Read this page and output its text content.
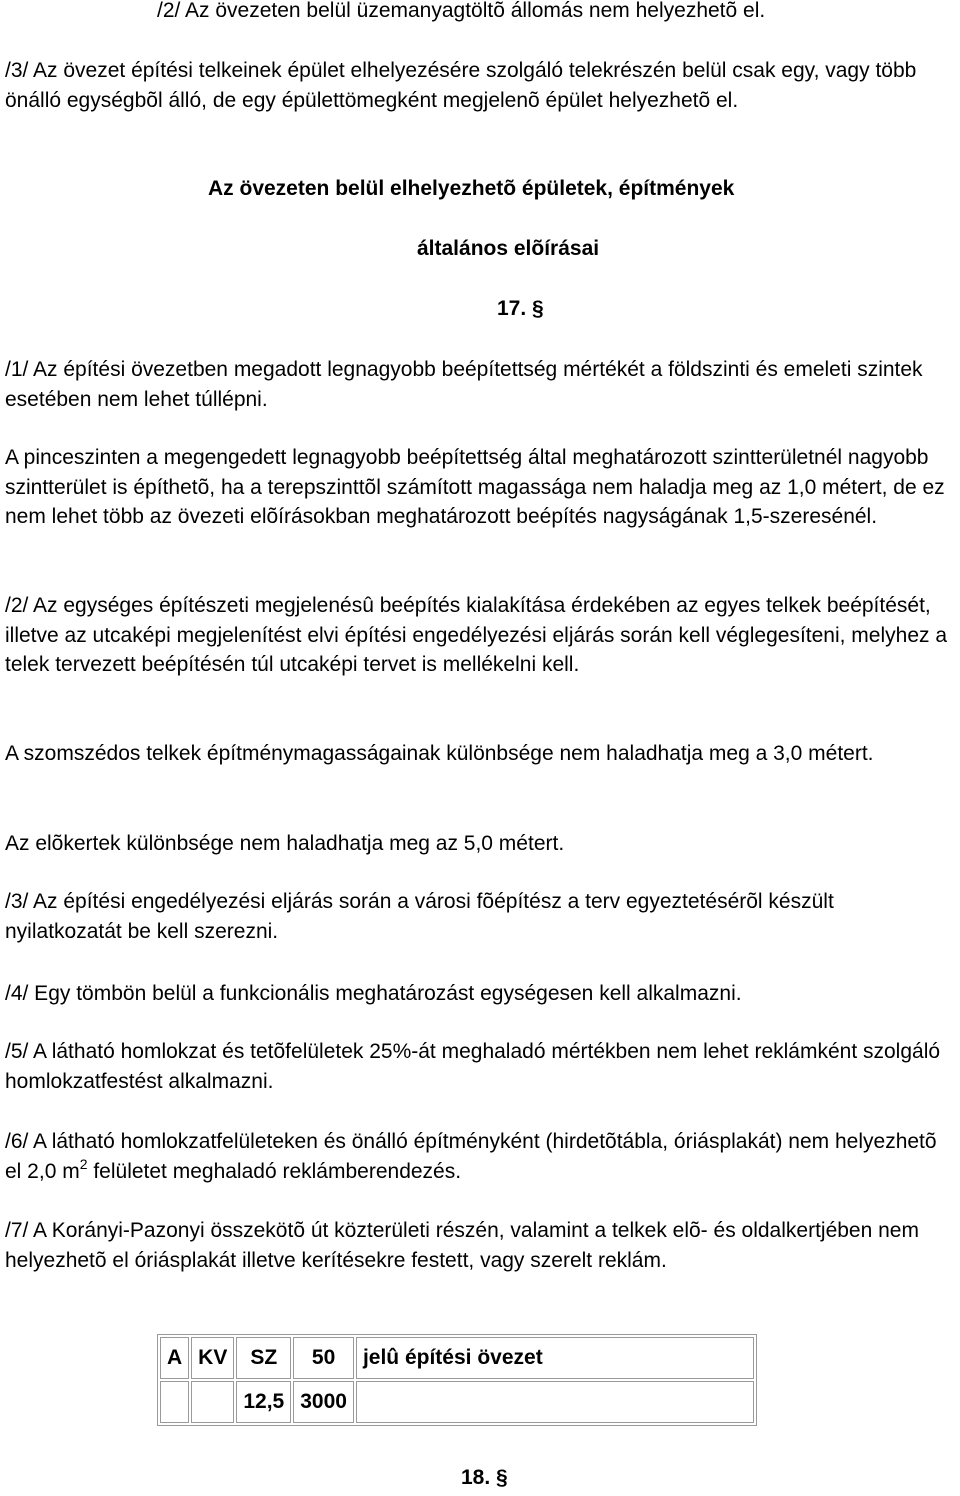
/2/ Az övezeten belül üzemanyagtöltõ állomás nem helyezhetõ el.
/3/ Az övezet építési telkeinek épület elhelyezésére szolgáló telekrészén belül csak egy, vagy több önálló egységbõl álló, de egy épülettömegként megjelenõ épület helyezhetõ el.
Az övezeten belül elhelyezhetõ épületek, építmények
általános elõírásai
17. §
/1/ Az építési övezetben megadott legnagyobb beépítettség mértékét a földszinti és emeleti szintek esetében nem lehet túllépni.
A pinceszinten a megengedett legnagyobb beépítettség által meghatározott szintterületnél nagyobb szintterület is építhetõ, ha a terepszinttõl számított magassága nem haladja meg az 1,0 métert, de ez nem lehet több az övezeti elõírásokban meghatározott beépítés nagyságának 1,5-szeresénél.
/2/ Az egységes építészeti megjelenésû beépítés kialakítása érdekében az egyes telkek beépítését, illetve az utcaképi megjelenítést elvi építési engedélyezési eljárás során kell véglegesíteni, melyhez a telek tervezett beépítésén túl utcaképi tervet is mellékelni kell.
A szomszédos telkek építménymagasságainak különbsége nem haladhatja meg a 3,0 métert.
Az elõkertek különbsége nem haladhatja meg az 5,0 métert.
/3/ Az építési engedélyezési eljárás során a városi fõépítész a terv egyeztetésérõl készült nyilatkozatát be kell szerezni.
/4/ Egy tömbön belül a funkcionális meghatározást egységesen kell alkalmazni.
/5/ A látható homlokzat és tetõfelületek 25%-át meghaladó mértékben nem lehet reklámként szolgáló homlokzatfestést alkalmazni.
/6/ A látható homlokzatfelületeken és önálló építményként (hirdetõtábla, óriásplakát) nem helyezhetõ el 2,0 $m^2$ felületet meghaladó reklámberendezés.
/7/ A Korányi-Pazonyi összekötõ út közterületi részén, valamint a telkek elõ- és oldalkertjében nem helyezhetõ el óriásplakát illetve kerítésekre festett, vagy szerelt reklám.
A	KV	SZ	50	jelû építési övezet
		12,5	3000	
18. §
